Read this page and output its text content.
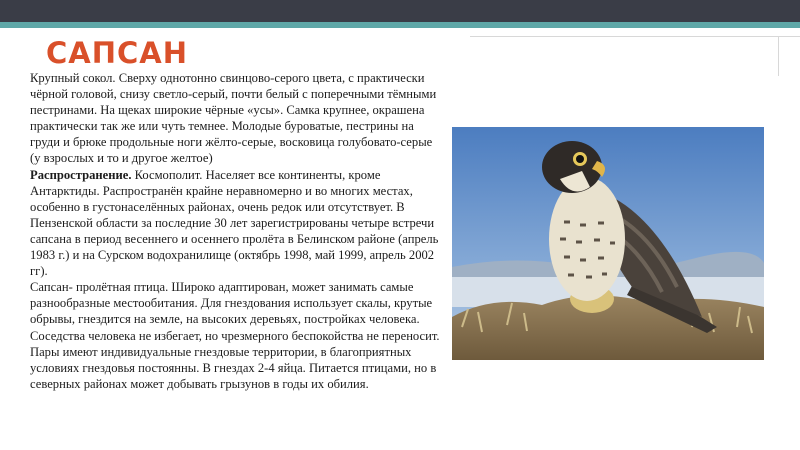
САПСАН

Крупный сокол. Сверху однотонно свинцово-серого цвета, с практически чёрной головой, снизу светло-серый, почти белый с поперечными тёмными пестринами. На щеках широкие чёрные «усы». Самка крупнее, окрашена практически так же или чуть темнее. Молодые буроватые, пестрины на груди и брюке продольные ноги жёлто-серые, восковица голубовато-серые (у взрослых и то и другое желтое)

Распространение. Космополит. Населяет все континенты, кроме Антарктиды. Распространён крайне неравномерно и во многих местах, особенно в густонаселённых районах, очень редок или отсутствует. В Пензенской области за последние 30 лет зарегистрированы четыре встречи сапсана в период весеннего и осеннего пролёта в Белинском районе (апрель 1983 г.) и на Сурском водохранилище (октябрь 1998, май 1999, апрель 2002 гг).

Сапсан- пролётная птица. Широко адаптирован, может занимать самые разнообразные местообитания. Для гнездования использует скалы, крутые обрывы, гнездится на земле, на высоких деревьях, постройках человека. Соседства человека не избегает, но чрезмерного беспокойства не переносит. Пары имеют индивидуальные гнездовые территории, в благоприятных условиях гнездовья постоянны. В гнездах 2-4 яйца. Питается птицами, но в северных районах может добывать грызунов в годы их обилия.
